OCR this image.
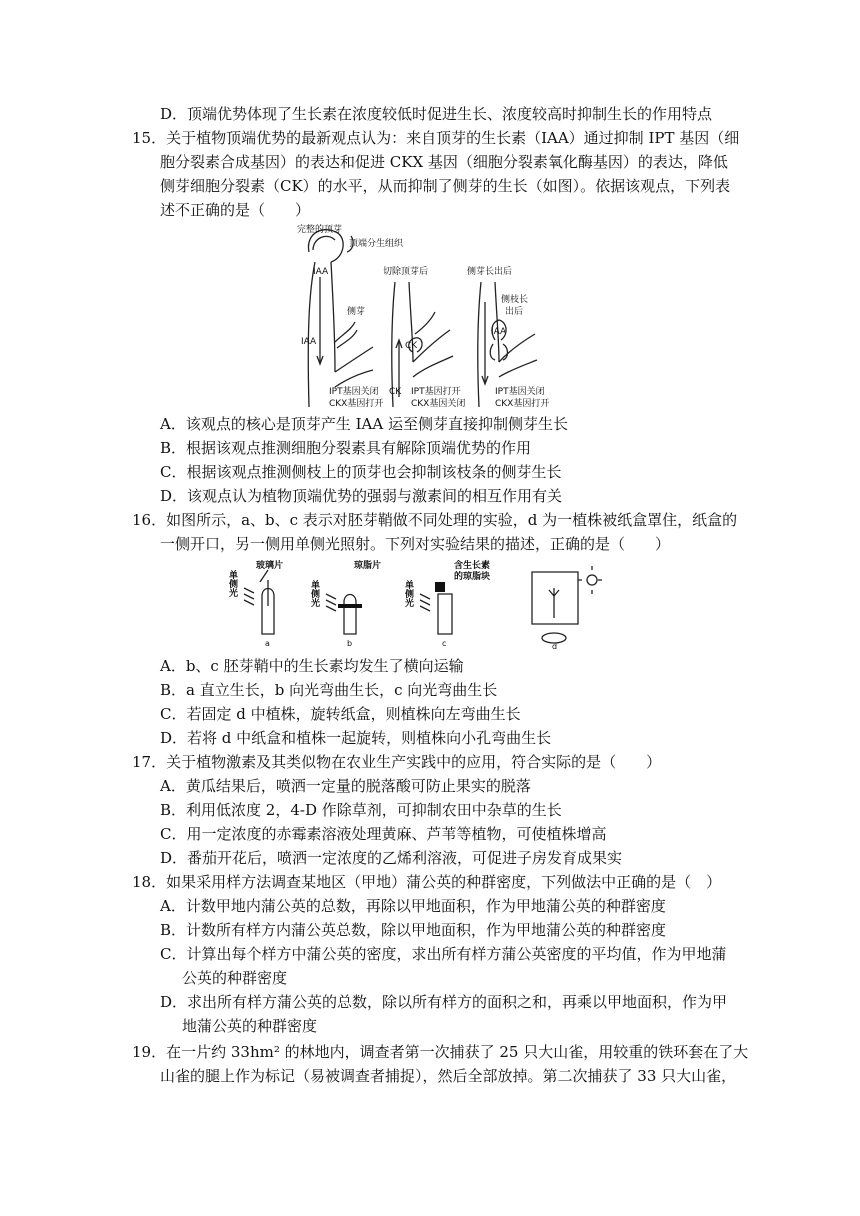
D．顶端优势体现了生长素在浓度较低时促进生长、浓度较高时抑制生长的作用特点
15．关于植物顶端优势的最新观点认为：来自顶芽的生长素（IAA）通过抑制 IPT 基因（细
胞分裂素合成基因）的表达和促进 CKX 基因（细胞分裂素氧化酶基因）的表达，降低
侧芽细胞分裂素（CK）的水平，从而抑制了侧芽的生长（如图）。依据该观点，下列表
述不正确的是（　　）
完整的顶芽
顶端分生组织
IAA
IAA
侧芽
IPT基因关闭
CKX基因打开
切除顶芽后
CK
CK IPT基因打开
CKX基因关闭
侧芽长出后
侧枝长
出后
IAA
IPT基因关闭
CKX基因打开
A．该观点的核心是顶芽产生 IAA 运至侧芽直接抑制侧芽生长
B．根据该观点推测细胞分裂素具有解除顶端优势的作用
C．根据该观点推测侧枝上的顶芽也会抑制该枝条的侧芽生长
D．该观点认为植物顶端优势的强弱与激素间的相互作用有关
16．如图所示，a、b、c 表示对胚芽鞘做不同处理的实验，d 为一植株被纸盒罩住，纸盒的
一侧开口，另一侧用单侧光照射。下列对实验结果的描述，正确的是（　　）
单侧光
玻璃片
单侧光
琼脂片
单侧光
含生长素
的琼脂块
a	b	c	d
A．b、c 胚芽鞘中的生长素均发生了横向运输
B．a 直立生长，b 向光弯曲生长，c 向光弯曲生长
C．若固定 d 中植株，旋转纸盒，则植株向左弯曲生长
D．若将 d 中纸盒和植株一起旋转，则植株向小孔弯曲生长
17．关于植物激素及其类似物在农业生产实践中的应用，符合实际的是（　　）
A．黄瓜结果后，喷洒一定量的脱落酸可防止果实的脱落
B．利用低浓度 2，4-D 作除草剂，可抑制农田中杂草的生长
C．用一定浓度的赤霉素溶液处理黄麻、芦苇等植物，可使植株增高
D．番茄开花后，喷洒一定浓度的乙烯利溶液，可促进子房发育成果实
18．如果采用样方法调查某地区（甲地）蒲公英的种群密度，下列做法中正确的是（　）
A．计数甲地内蒲公英的总数，再除以甲地面积，作为甲地蒲公英的种群密度
B．计数所有样方内蒲公英总数，除以甲地面积，作为甲地蒲公英的种群密度
C．计算出每个样方中蒲公英的密度，求出所有样方蒲公英密度的平均值，作为甲地蒲
公英的种群密度
D．求出所有样方蒲公英的总数，除以所有样方的面积之和，再乘以甲地面积，作为甲
地蒲公英的种群密度
19．在一片约 33hm² 的林地内，调查者第一次捕获了 25 只大山雀，用较重的铁环套在了大
山雀的腿上作为标记（易被调查者捕捉），然后全部放掉。第二次捕获了 33 只大山雀，
